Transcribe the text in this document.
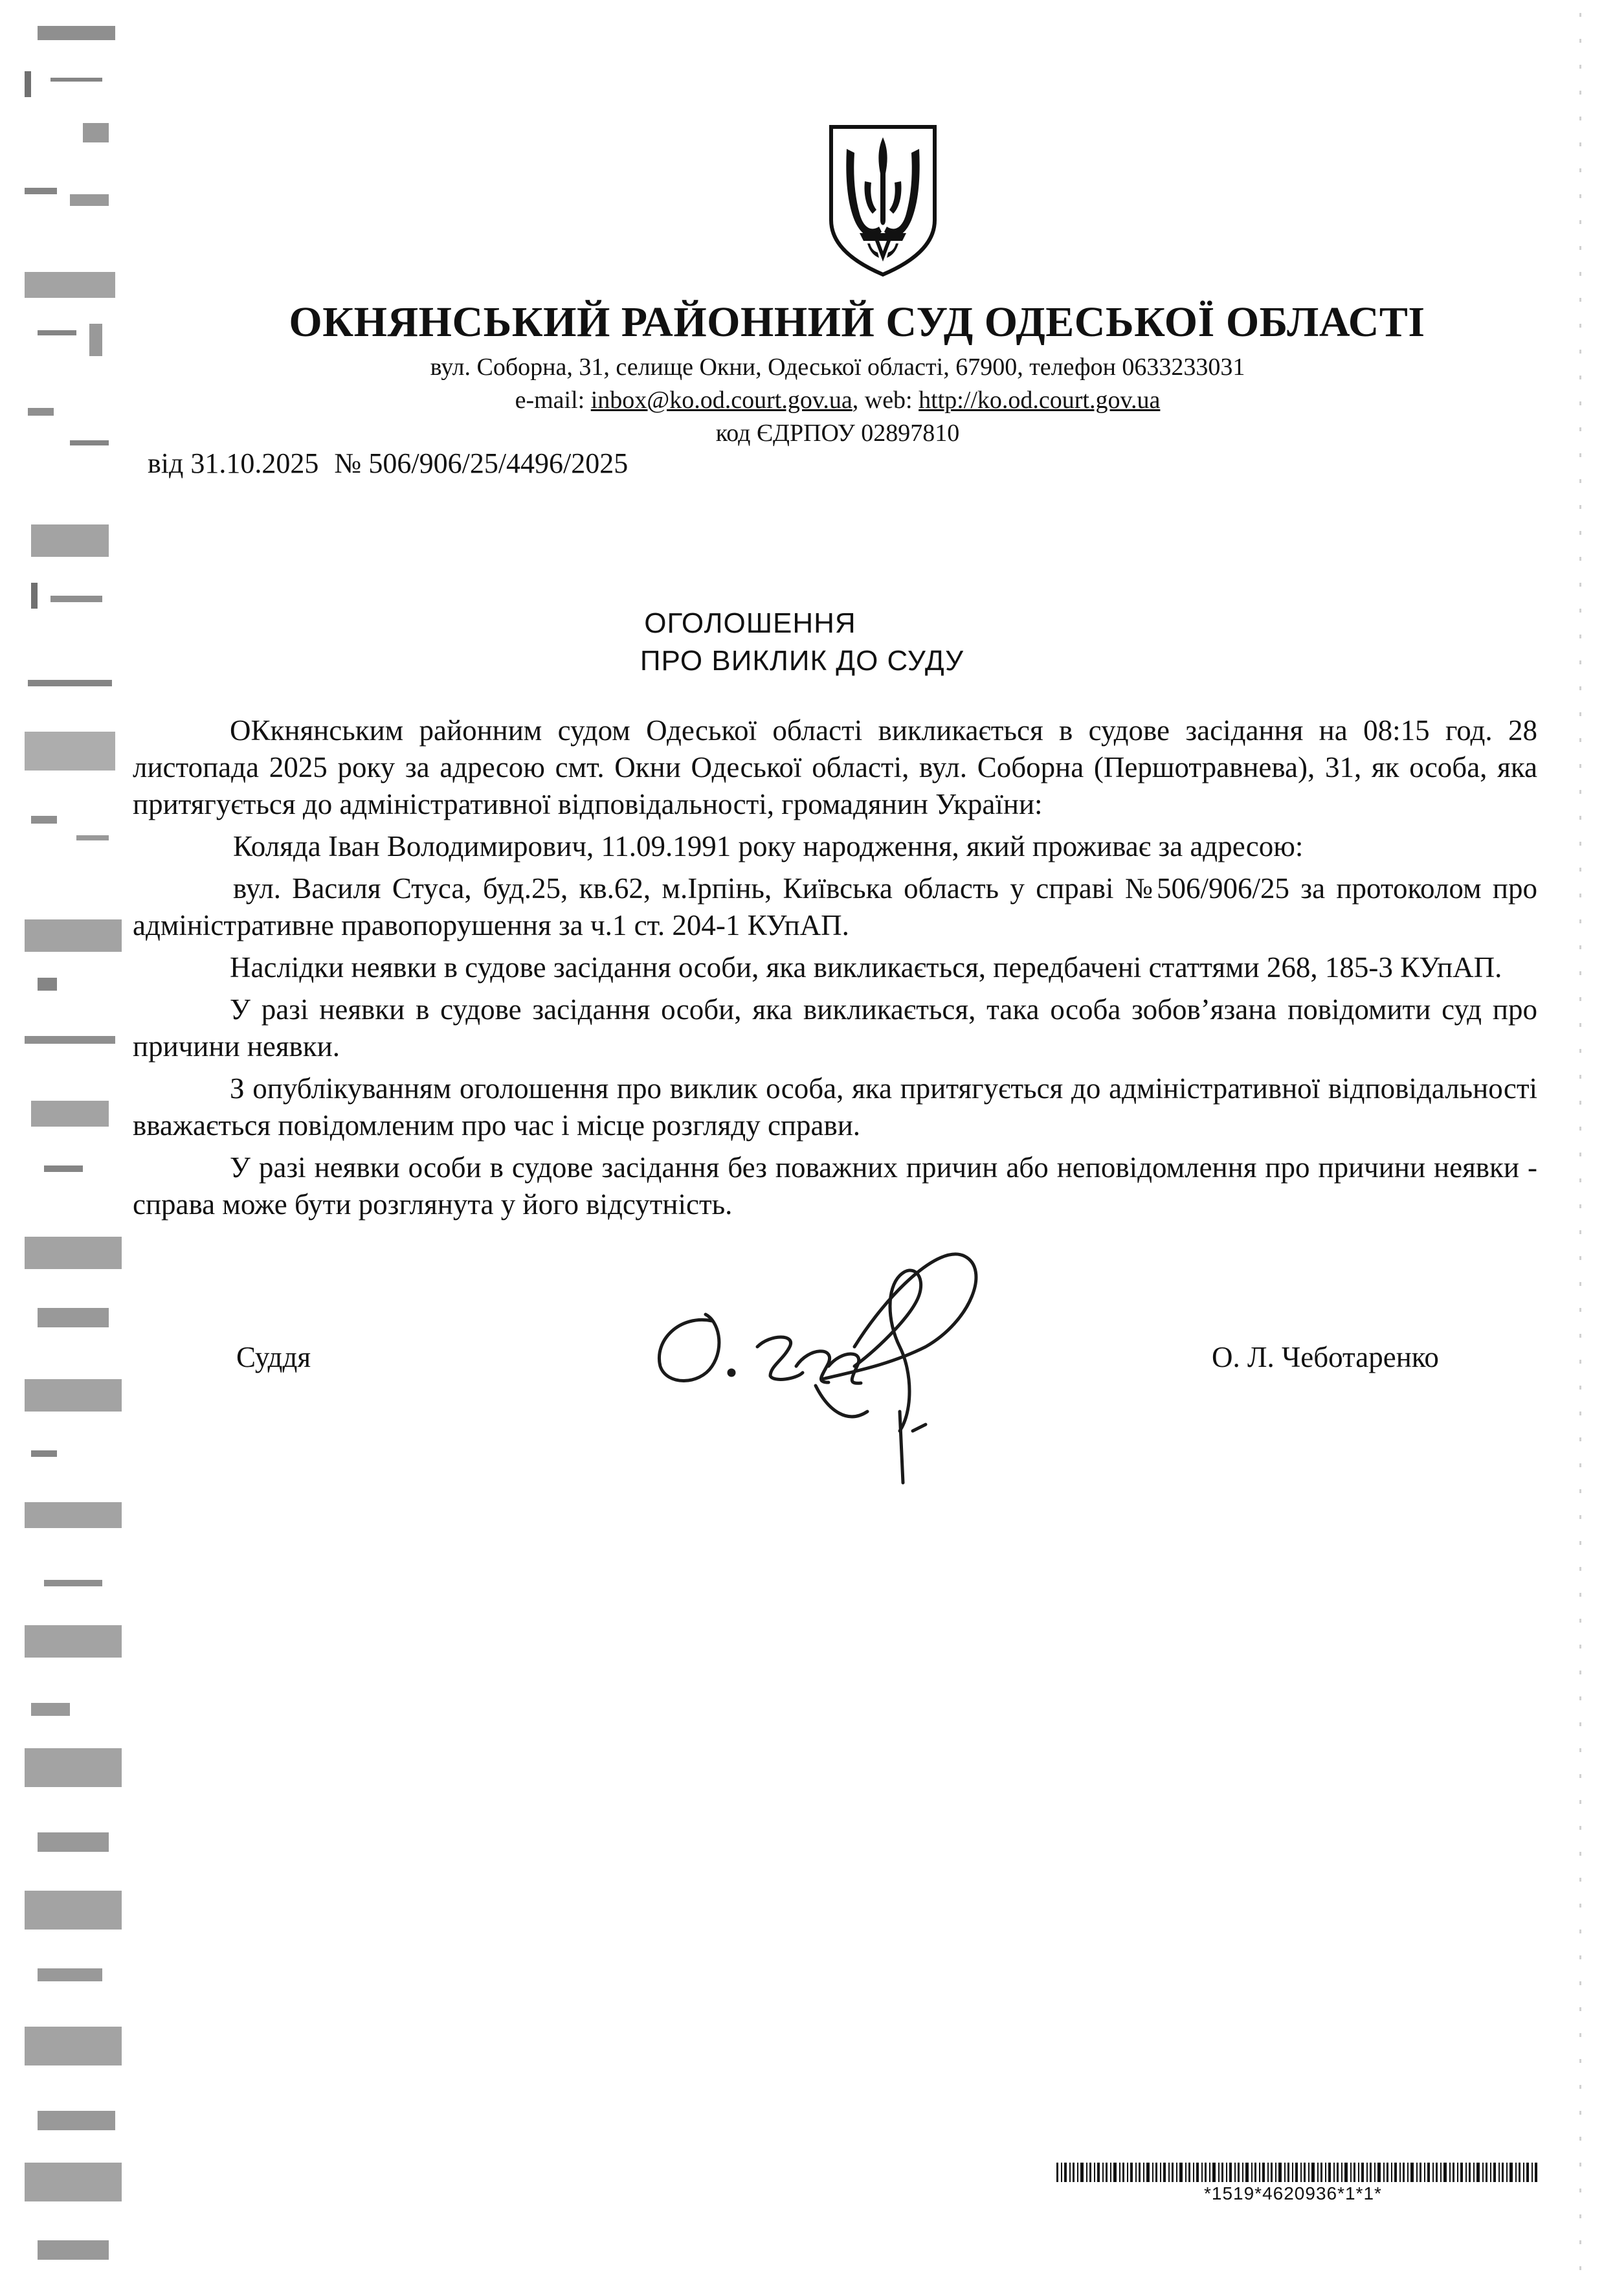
ОКНЯНСЬКИЙ РАЙОННИЙ СУД ОДЕСЬКОЇ ОБЛАСТІ
вул. Соборна, 31, селище Окни, Одеської області, 67900, телефон 0633233031
e-mail: inbox@ko.od.court.gov.ua, web: http://ko.od.court.gov.ua
код ЄДРПОУ 02897810
від 31.10.2025 № 506/906/25/4496/2025
ОГОЛОШЕННЯ
ПРО ВИКЛИК ДО СУДУ

ОКкнянським районним судом Одеської області викликається в судове засідання на 08:15 год. 28 листопада 2025 року за адресою смт. Окни Одеської області, вул. Соборна (Першотравнева), 31, як особа, яка притягується до адміністративної відповідальності, громадянин України:

Коляда Іван Володимирович, 11.09.1991 року народження, який проживає за адресою:

вул. Василя Стуса, буд.25, кв.62, м.Ірпінь, Київська область у справі №506/906/25 за протоколом про адміністративне правопорушення за ч.1 ст. 204-1 КУпАП.

Наслідки неявки в судове засідання особи, яка викликається, передбачені статтями 268, 185-3 КУпАП.

У разі неявки в судове засідання особи, яка викликається, така особа зобов’язана повідомити суд про причини неявки.

З опублікуванням оголошення про виклик особа, яка притягується до адміністративної відповідальності вважається повідомленим про час і місце розгляду справи.

У разі неявки особи в судове засідання без поважних причин або неповідомлення про причини неявки - справа може бути розглянута у його відсутність.

Суддя	О. Л. Чеботаренко
*1519*4620936*1*1*
